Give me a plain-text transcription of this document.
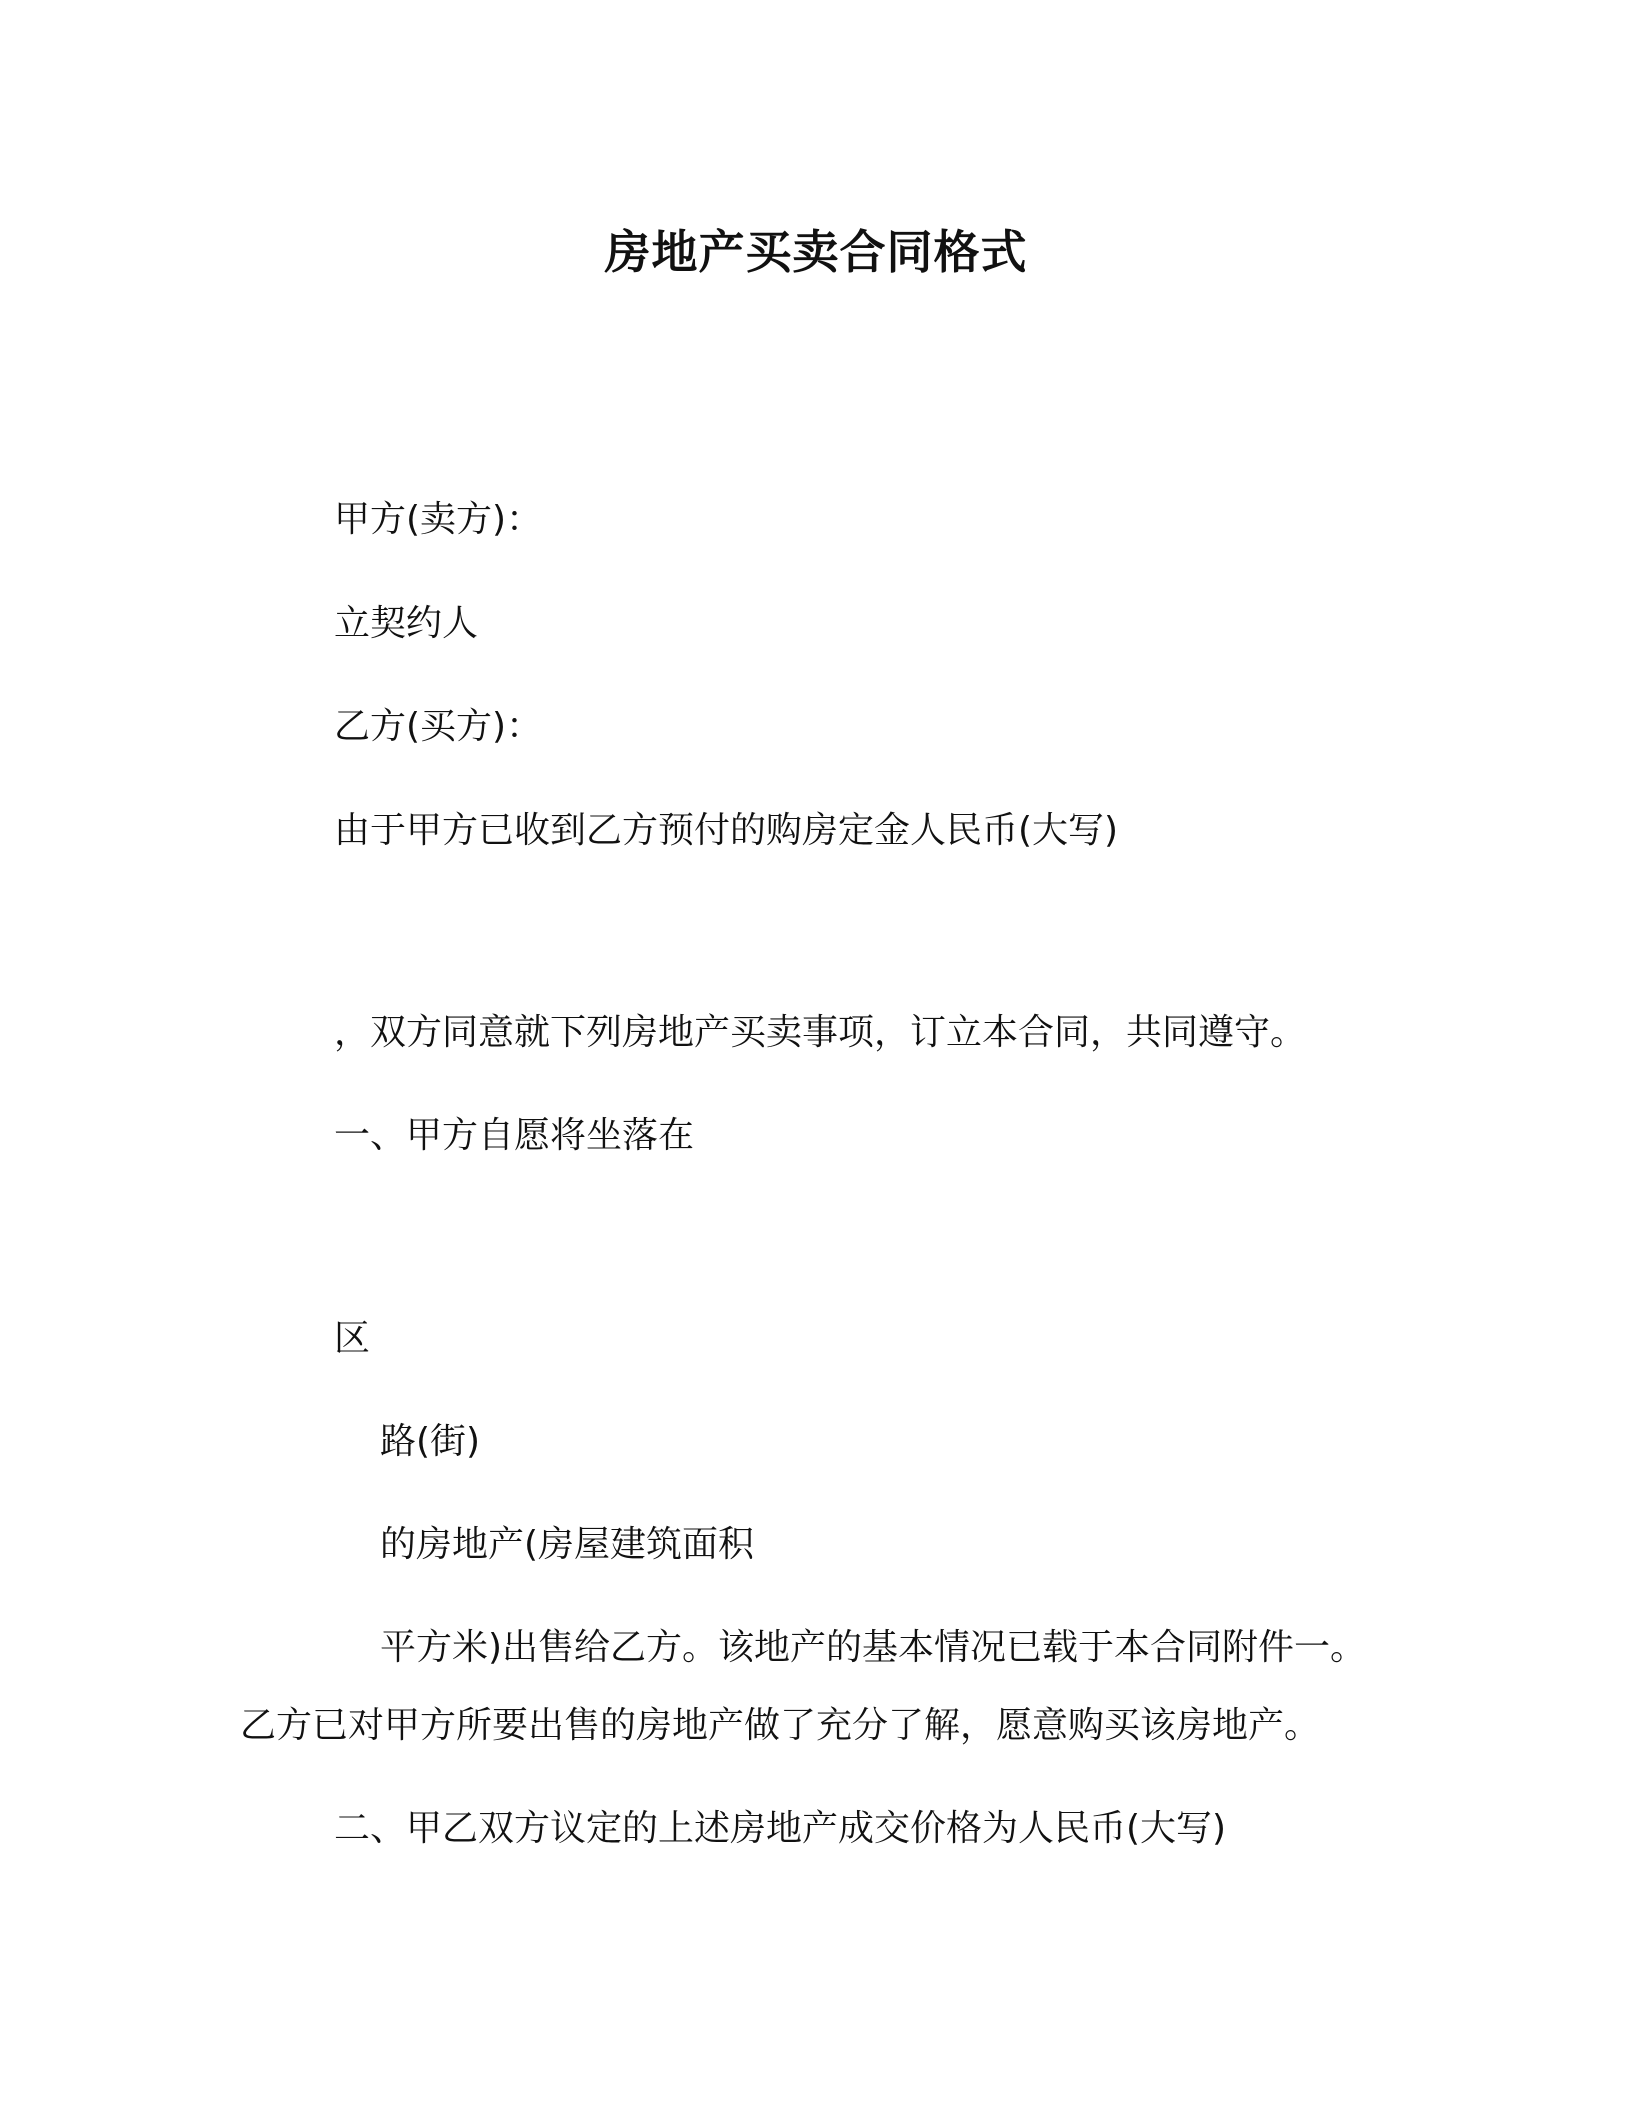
房地产买卖合同格式
甲方(卖方)：
立契约人
乙方(买方)：
由于甲方已收到乙方预付的购房定金人民币(大写)
，双方同意就下列房地产买卖事项，订立本合同，共同遵守。
一、甲方自愿将坐落在
区
路(街)
的房地产(房屋建筑面积
平方米)出售给乙方。该地产的基本情况已载于本合同附件一。
乙方已对甲方所要出售的房地产做了充分了解，愿意购买该房地产。
二、甲乙双方议定的上述房地产成交价格为人民币(大写)
